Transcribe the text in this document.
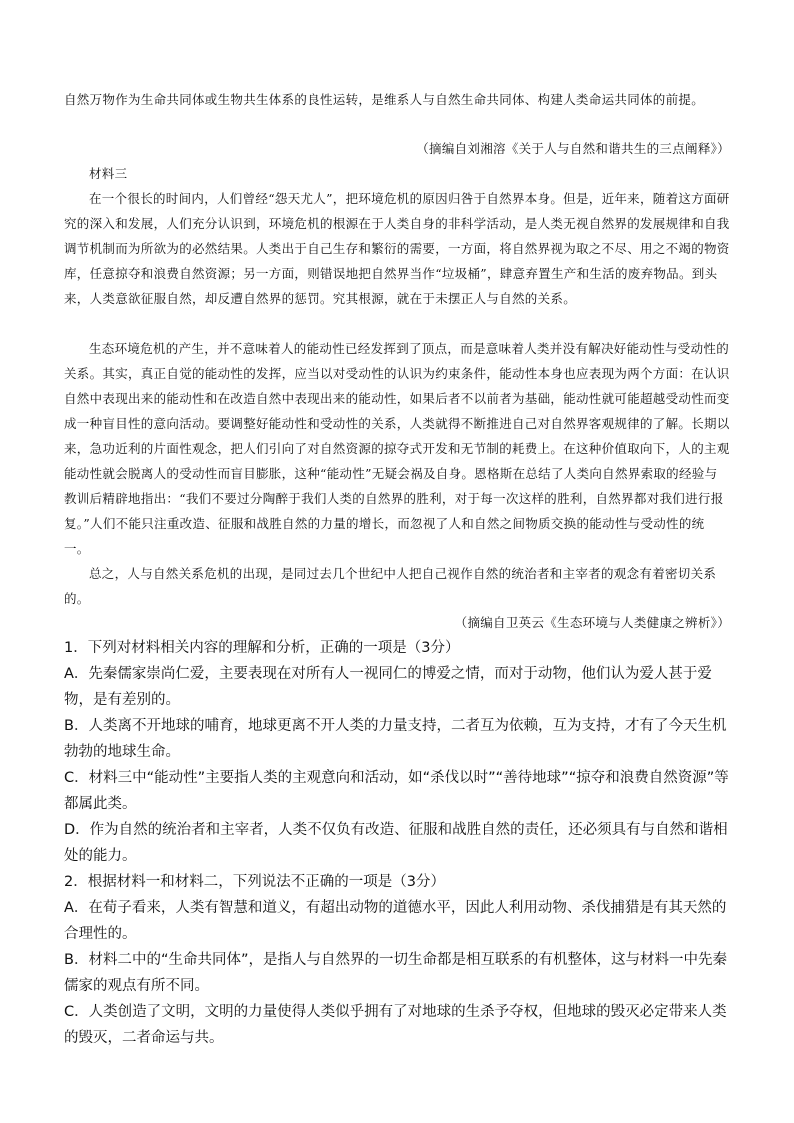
自然万物作为生命共同体或生物共生体系的良性运转，是维系人与自然生命共同体、构建人类命运共同体的前提。

（摘编自刘湘溶《关于人与自然和谐共生的三点阐释》）

材料三

在一个很长的时间内，人们曾经“怨天尤人”，把环境危机的原因归咎于自然界本身。但是，近年来，随着这方面研究的深入和发展，人们充分认识到，环境危机的根源在于人类自身的非科学活动，是人类无视自然界的发展规律和自我调节机制而为所欲为的必然结果。人类出于自己生存和繁衍的需要，一方面，将自然界视为取之不尽、用之不竭的物资库，任意掠夺和浪费自然资源；另一方面，则错误地把自然界当作“垃圾桶”，肆意弃置生产和生活的废弃物品。到头来，人类意欲征服自然，却反遭自然界的惩罚。究其根源，就在于未摆正人与自然的关系。

生态环境危机的产生，并不意味着人的能动性已经发挥到了顶点，而是意味着人类并没有解决好能动性与受动性的关系。其实，真正自觉的能动性的发挥，应当以对受动性的认识为约束条件，能动性本身也应表现为两个方面：在认识自然中表现出来的能动性和在改造自然中表现出来的能动性，如果后者不以前者为基础，能动性就可能超越受动性而变成一种盲目性的意向活动。要调整好能动性和受动性的关系，人类就得不断推进自己对自然界客观规律的了解。长期以来，急功近利的片面性观念，把人们引向了对自然资源的掠夺式开发和无节制的耗费上。在这种价值取向下，人的主观能动性就会脱离人的受动性而盲目膨胀，这种“能动性”无疑会祸及自身。恩格斯在总结了人类向自然界索取的经验与教训后精辟地指出：“我们不要过分陶醉于我们人类的自然界的胜利，对于每一次这样的胜利，自然界都对我们进行报复。”人们不能只注重改造、征服和战胜自然的力量的增长，而忽视了人和自然之间物质交换的能动性与受动性的统一。

总之，人与自然关系危机的出现，是同过去几个世纪中人把自己视作自然的统治者和主宰者的观念有着密切关系的。

（摘编自卫英云《生态环境与人类健康之辨析》）

1．下列对材料相关内容的理解和分析，正确的一项是（3分）

A．先秦儒家崇尚仁爱，主要表现在对所有人一视同仁的博爱之情，而对于动物，他们认为爱人甚于爱物，是有差别的。

B．人类离不开地球的哺育，地球更离不开人类的力量支持，二者互为依赖，互为支持，才有了今天生机勃勃的地球生命。

C．材料三中“能动性”主要指人类的主观意向和活动，如“杀伐以时”“善待地球”“掠夺和浪费自然资源”等都属此类。

D．作为自然的统治者和主宰者，人类不仅负有改造、征服和战胜自然的责任，还必须具有与自然和谐相处的能力。

2．根据材料一和材料二，下列说法不正确的一项是（3分）

A．在荀子看来，人类有智慧和道义，有超出动物的道德水平，因此人利用动物、杀伐捕猎是有其天然的合理性的。

B．材料二中的“生命共同体”，是指人与自然界的一切生命都是相互联系的有机整体，这与材料一中先秦儒家的观点有所不同。

C．人类创造了文明，文明的力量使得人类似乎拥有了对地球的生杀予夺权，但地球的毁灭必定带来人类的毁灭，二者命运与共。
